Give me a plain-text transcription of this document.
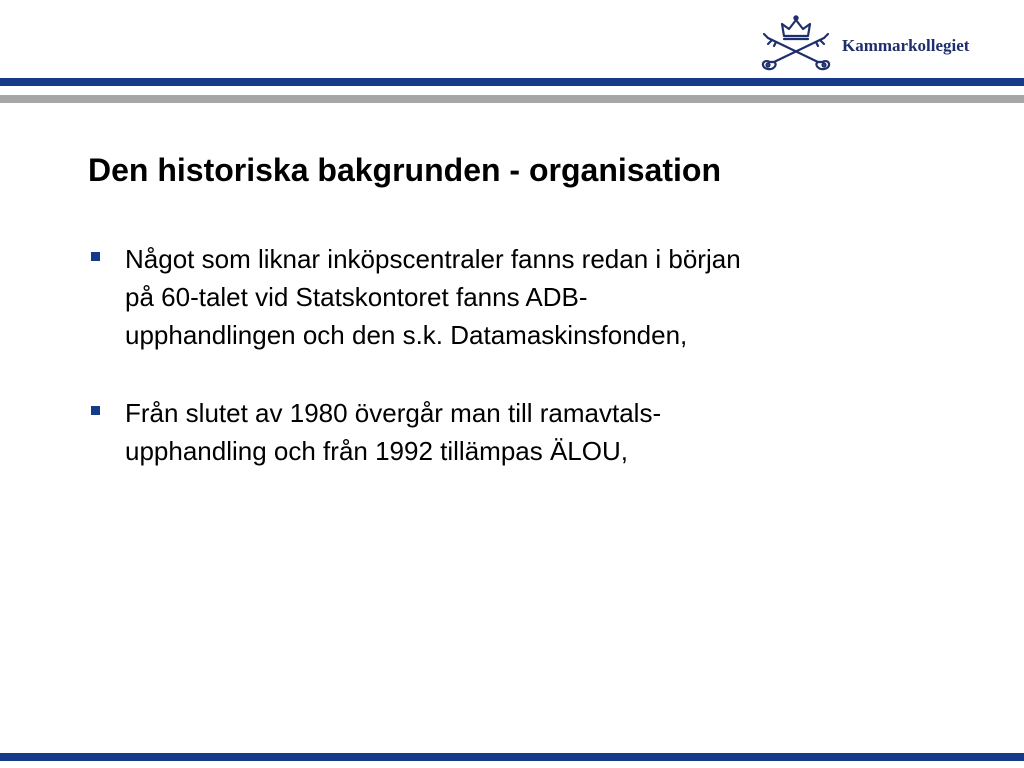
Kammarkollegiet
Den historiska bakgrunden - organisation
Något som liknar inköpscentraler fanns redan i början
på 60-talet vid Statskontoret fanns ADB-
upphandlingen och den s.k. Datamaskinsfonden,
Från slutet av 1980 övergår man till ramavtals-
upphandling och från 1992 tillämpas ÄLOU,
